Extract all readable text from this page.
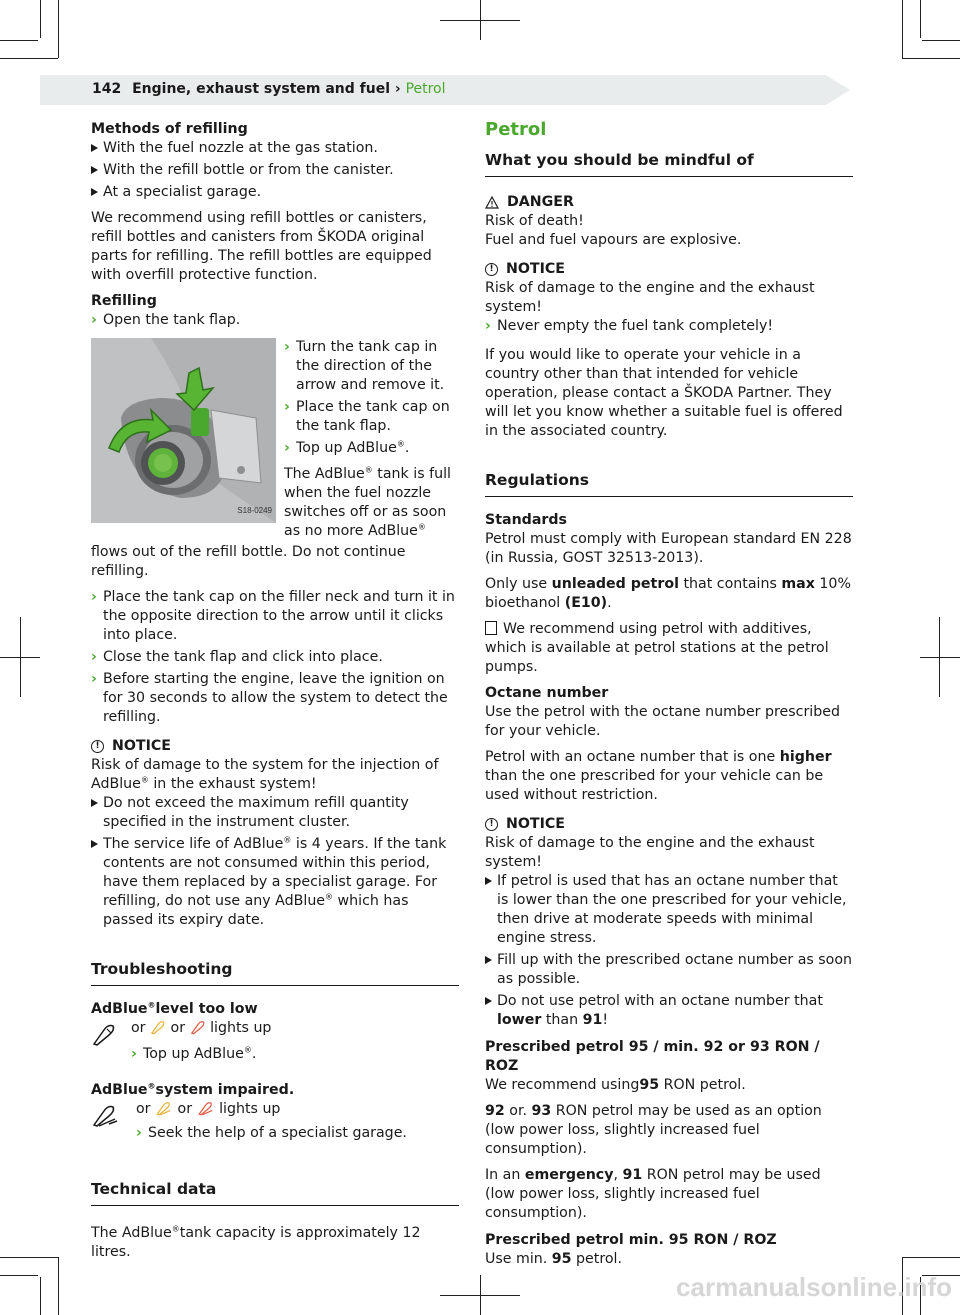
142 Engine, exhaust system and fuel › Petrol
Methods of refilling
With the fuel nozzle at the gas station.
With the refill bottle or from the canister.
At a specialist garage.

We recommend using refill bottles or canisters, refill bottles and canisters from ŠKODA original parts for refilling. The refill bottles are equipped with overfill protective function.

Refilling
› Open the tank flap.
S18-0249
› Turn the tank cap in the direction of the arrow and remove it.
› Place the tank cap on the tank flap.
› Top up AdBlue®.

The AdBlue® tank is full when the fuel nozzle switches off or as soon as no more AdBlue®

flows out of the refill bottle. Do not continue refilling.

› Place the tank cap on the filler neck and turn it in the opposite direction to the arrow until it clicks into place.
› Close the tank flap and click into place.
› Before starting the engine, leave the ignition on for 30 seconds to allow the system to detect the refilling.
! NOTICE
Risk of damage to the system for the injection of AdBlue® in the exhaust system!
Do not exceed the maximum refill quantity specified in the instrument cluster.
The service life of AdBlue® is 4 years. If the tank contents are not consumed within this period, have them replaced by a specialist garage. For refilling, do not use any AdBlue® which has passed its expiry date.
Troubleshooting
AdBlue®level too low
or or lights up
› Top up AdBlue®.
AdBlue®system impaired.
or or lights up
› Seek the help of a specialist garage.
Technical data

The AdBlue®tank capacity is approximately 12 litres.

Petrol
What you should be mindful of
DANGER
Risk of death!

Fuel and fuel vapours are explosive.

! NOTICE
Risk of damage to the engine and the exhaust system!
› Never empty the fuel tank completely!

If you would like to operate your vehicle in a country other than that intended for vehicle operation, please contact a ŠKODA Partner. They will let you know whether a suitable fuel is offered in the associated country.

Regulations
Standards

Petrol must comply with European standard EN 228 (in Russia, GOST 32513-2013).

Only use unleaded petrol that contains max 10% bioethanol (E10).

We recommend using petrol with additives, which is available at petrol stations at the petrol pumps.

Octane number

Use the petrol with the octane number prescribed for your vehicle.

Petrol with an octane number that is one higher than the one prescribed for your vehicle can be used without restriction.

! NOTICE
Risk of damage to the engine and the exhaust system!
If petrol is used that has an octane number that is lower than the one prescribed for your vehicle, then drive at moderate speeds with minimal engine stress.
Fill up with the prescribed octane number as soon as possible.
Do not use petrol with an octane number that lower than 91!
Prescribed petrol 95 / min. 92 or 93 RON / ROZ

We recommend using95 RON petrol.

92 or. 93 RON petrol may be used as an option (low power loss, slightly increased fuel consumption).

In an emergency, 91 RON petrol may be used (low power loss, slightly increased fuel consumption).

Prescribed petrol min. 95 RON / ROZ

Use min. 95 petrol.

carmanualsonline.info
